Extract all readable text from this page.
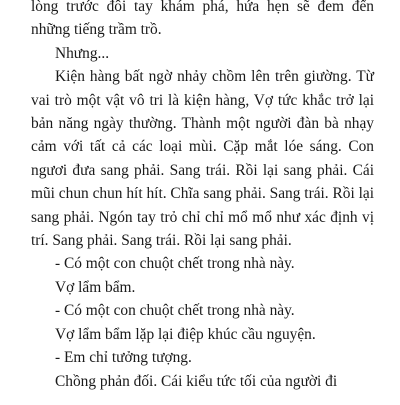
lòng trước đôi tay khám phá, hứa hẹn sẽ đem đến những tiếng trầm trồ.

Nhưng...

Kiện hàng bất ngờ nhảy chồm lên trên giường. Từ vai trò một vật vô tri là kiện hàng, Vợ tức khắc trở lại bản năng ngày thường. Thành một người đàn bà nhạy cảm với tất cả các loại mùi. Cặp mắt lóe sáng. Con ngươi đưa sang phải. Sang trái. Rồi lại sang phải. Cái mũi chun chun hít hít. Chĩa sang phải. Sang trái. Rồi lại sang phải. Ngón tay trỏ chỉ chỉ mổ mổ như xác định vị trí. Sang phải. Sang trái. Rồi lại sang phải.

- Có một con chuột chết trong nhà này.

Vợ lẩm bẩm.

- Có một con chuột chết trong nhà này.

Vợ lẩm bẩm lặp lại điệp khúc cầu nguyện.

- Em chỉ tưởng tượng.

Chồng phản đối. Cái kiểu tức tối của người đi
